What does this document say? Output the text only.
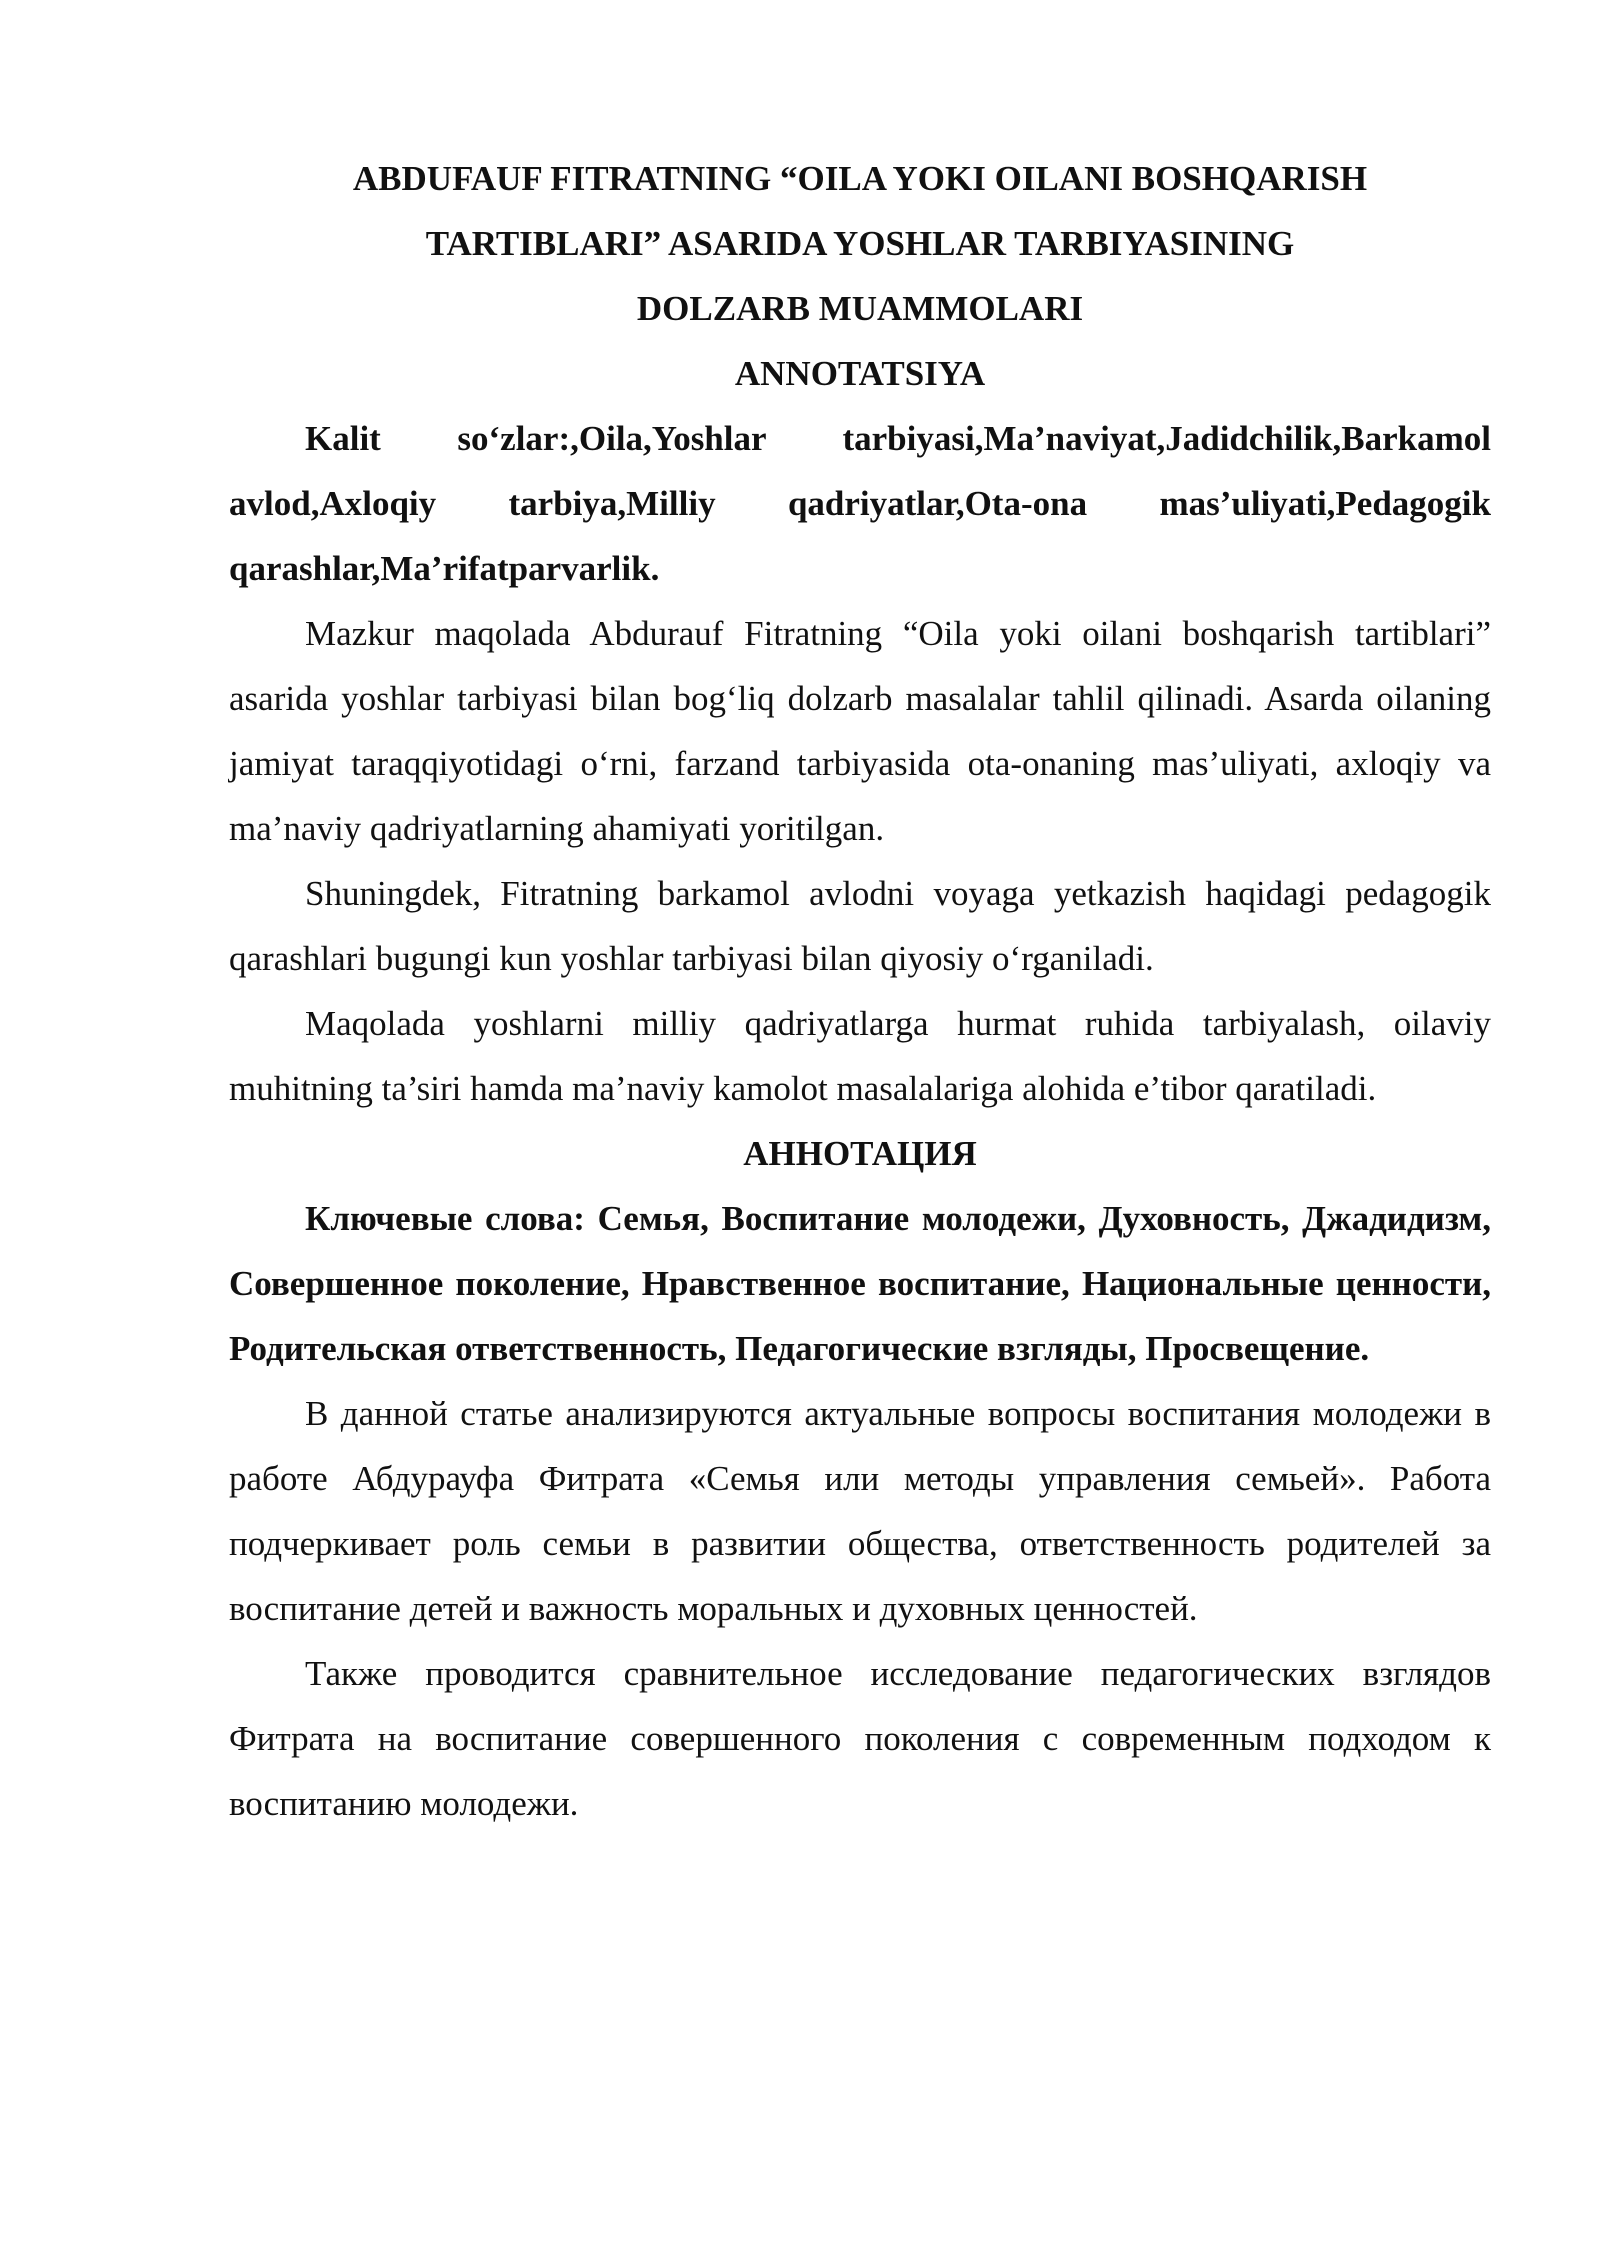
ABDUFAUF FITRATNING “OILA YOKI OILANI BOSHQARISH
TARTIBLARI” ASARIDA YOSHLAR TARBIYASINING
DOLZARB MUAMMOLARI
ANNOTATSIYA

Kalit so‘zlar:,Oila,Yoshlar tarbiyasi,Ma’naviyat,Jadidchilik,Barkamol avlod,Axloqiy tarbiya,Milliy qadriyatlar,Ota-ona mas’uliyati,Pedagogik qarashlar,Ma’rifatparvarlik.

Mazkur maqolada Abdurauf Fitratning “Oila yoki oilani boshqarish tartiblari” asarida yoshlar tarbiyasi bilan bog‘liq dolzarb masalalar tahlil qilinadi. Asarda oilaning jamiyat taraqqiyotidagi o‘rni, farzand tarbiyasida ota-onaning mas’uliyati, axloqiy va ma’naviy qadriyatlarning ahamiyati yoritilgan.

Shuningdek, Fitratning barkamol avlodni voyaga yetkazish haqidagi pedagogik qarashlari bugungi kun yoshlar tarbiyasi bilan qiyosiy o‘rganiladi.

Maqolada yoshlarni milliy qadriyatlarga hurmat ruhida tarbiyalash, oilaviy muhitning ta’siri hamda ma’naviy kamolot masalalariga alohida e’tibor qaratiladi.

АННОТАЦИЯ

Ключевые слова: Семья, Воспитание молодежи, Духовность, Джадидизм, Совершенное поколение, Нравственное воспитание, Национальные ценности, Родительская ответственность, Педагогические взгляды, Просвещение.

В данной статье анализируются актуальные вопросы воспитания молодежи в работе Абдурауфа Фитрата «Семья или методы управления семьей». Работа подчеркивает роль семьи в развитии общества, ответственность родителей за воспитание детей и важность моральных и духовных ценностей.

Также проводится сравнительное исследование педагогических взглядов Фитрата на воспитание совершенного поколения с современным подходом к воспитанию молодежи.
